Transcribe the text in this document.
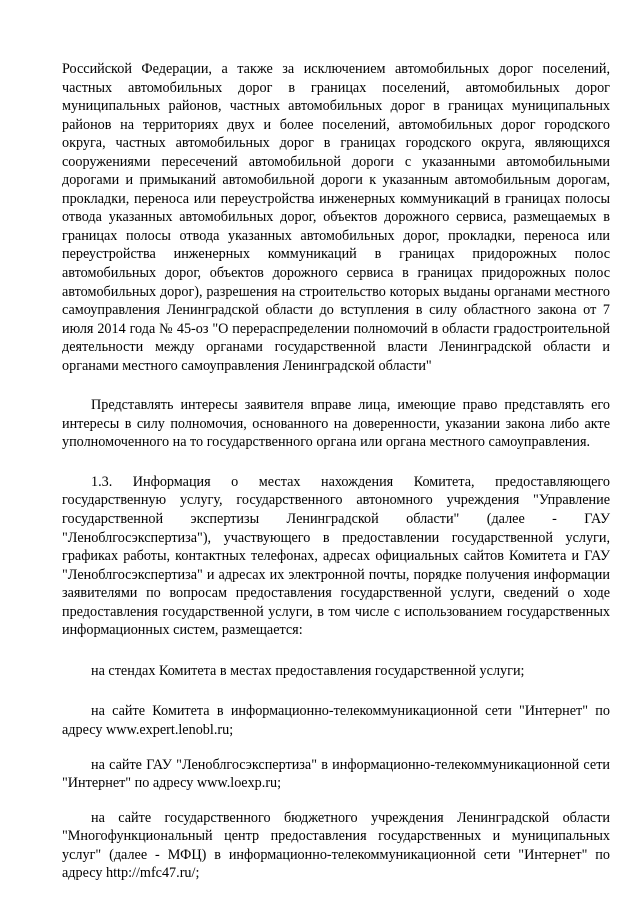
Российской Федерации, а также за исключением автомобильных дорог поселений, частных автомобильных дорог в границах поселений, автомобильных дорог муниципальных районов, частных автомобильных дорог в границах муниципальных районов на территориях двух и более поселений, автомобильных дорог городского округа, частных автомобильных дорог в границах городского округа, являющихся сооружениями пересечений автомобильной дороги с указанными автомобильными дорогами и примыканий автомобильной дороги к указанным автомобильным дорогам, прокладки, переноса или переустройства инженерных коммуникаций в границах полосы отвода указанных автомобильных дорог, объектов дорожного сервиса, размещаемых в границах полосы отвода указанных автомобильных дорог, прокладки, переноса или переустройства инженерных коммуникаций в границах придорожных полос автомобильных дорог, объектов дорожного сервиса в границах придорожных полос автомобильных дорог), разрешения на строительство которых выданы органами местного самоуправления Ленинградской области до вступления в силу областного закона от 7 июля 2014 года № 45-оз "О перераспределении полномочий в области градостроительной деятельности между органами государственной власти Ленинградской области и органами местного самоуправления Ленинградской области"

Представлять интересы заявителя вправе лица, имеющие право представлять его интересы в силу полномочия, основанного на доверенности, указании закона либо акте уполномоченного на то государственного органа или органа местного самоуправления.

1.3. Информация о местах нахождения Комитета, предоставляющего государственную услугу, государственного автономного учреждения "Управление государственной экспертизы Ленинградской области" (далее - ГАУ "Леноблгосэкспертиза"), участвующего в предоставлении государственной услуги, графиках работы, контактных телефонах, адресах официальных сайтов Комитета и ГАУ "Леноблгосэкспертиза" и адресах их электронной почты, порядке получения информации заявителями по вопросам предоставления государственной услуги, сведений о ходе предоставления государственной услуги, в том числе с использованием государственных информационных систем, размещается:

на стендах Комитета в местах предоставления государственной услуги;

на сайте Комитета в информационно-телекоммуникационной сети "Интернет" по адресу www.expert.lenobl.ru;

на сайте ГАУ "Леноблгосэкспертиза" в информационно-телекоммуникационной сети "Интернет" по адресу www.loexp.ru;

на сайте государственного бюджетного учреждения Ленинградской области "Многофункциональный центр предоставления государственных и муниципальных услуг" (далее - МФЦ) в информационно-телекоммуникационной сети "Интернет" по адресу http://mfc47.ru/;
